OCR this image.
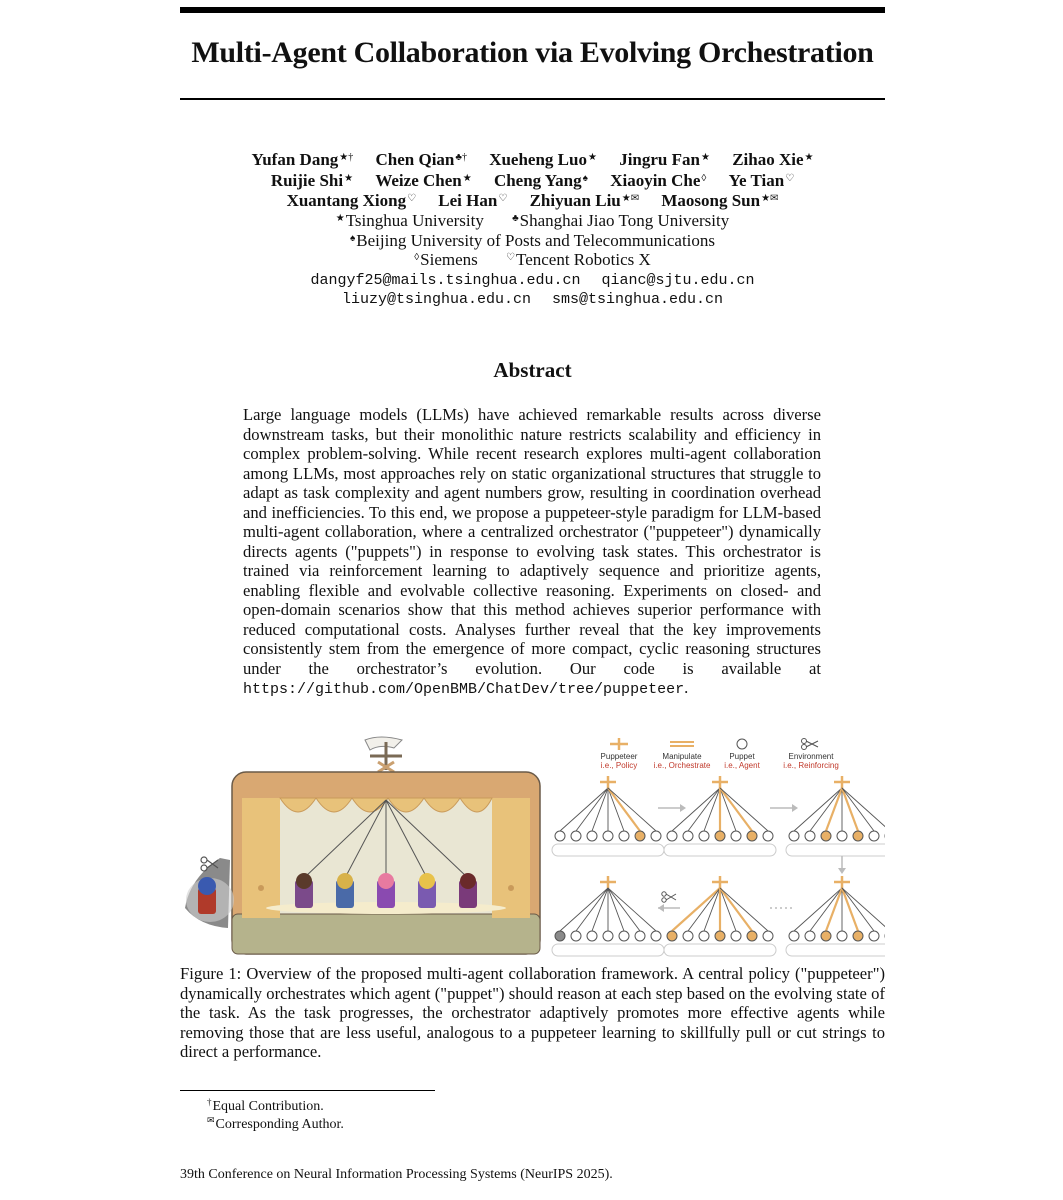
Multi-Agent Collaboration via Evolving Orchestration
Yufan Dang★† Chen Qian♣† Xueheng Luo★ Jingru Fan★ Zihao Xie★
Ruijie Shi★ Weize Chen★ Cheng Yang♠ Xiaoyin Che◊ Ye Tian♡
Xuantang Xiong♡ Lei Han♡ Zhiyuan Liu★✉ Maosong Sun★✉
★Tsinghua University	♣Shanghai Jiao Tong University
♠Beijing University of Posts and Telecommunications
◊Siemens	♡Tencent Robotics X
dangyf25@mails.tsinghua.edu.cn qianc@sjtu.edu.cn
liuzy@tsinghua.edu.cn sms@tsinghua.edu.cn
Abstract
Large language models (LLMs) have achieved remarkable results across diverse downstream tasks, but their monolithic nature restricts scalability and efficiency in complex problem-solving. While recent research explores multi-agent collaboration among LLMs, most approaches rely on static organizational structures that struggle to adapt as task complexity and agent numbers grow, resulting in coordination overhead and inefficiencies. To this end, we propose a puppeteer-style paradigm for LLM-based multi-agent collaboration, where a centralized orchestrator ("puppeteer") dynamically directs agents ("puppets") in response to evolving task states. This orchestrator is trained via reinforcement learning to adaptively sequence and prioritize agents, enabling flexible and evolvable collective reasoning. Experiments on closed- and open-domain scenarios show that this method achieves superior performance with reduced computational costs. Analyses further reveal that the key improvements consistently stem from the emergence of more compact, cyclic reasoning structures under the orchestrator’s evolution. Our code is available at https://github.com/OpenBMB/ChatDev/tree/puppeteer.
Puppeteer
i.e., Policy
Manipulate
i.e., Orchestrate
Puppet
i.e., Agent
Environment
i.e., Reinforcing
Figure 1: Overview of the proposed multi-agent collaboration framework. A central policy ("puppeteer") dynamically orchestrates which agent ("puppet") should reason at each step based on the evolving state of the task. As the task progresses, the orchestrator adaptively promotes more effective agents while removing those that are less useful, analogous to a puppeteer learning to skillfully pull or cut strings to direct a performance.
†Equal Contribution.
✉Corresponding Author.
39th Conference on Neural Information Processing Systems (NeurIPS 2025).
